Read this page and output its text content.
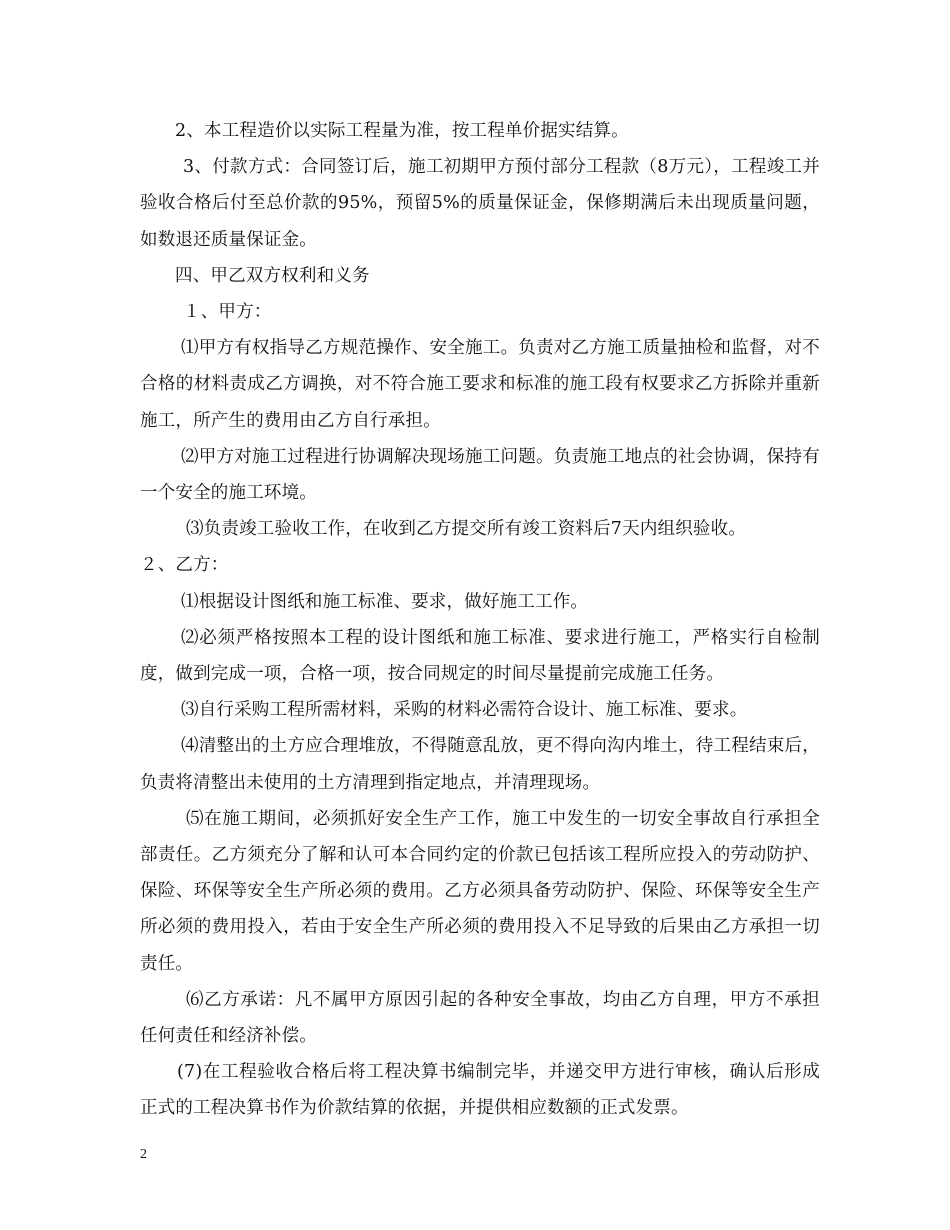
2、本工程造价以实际工程量为准，按工程单价据实结算。

3、付款方式：合同签订后，施工初期甲方预付部分工程款（8万元），工程竣工并验收合格后付至总价款的95%，预留5%的质量保证金，保修期满后未出现质量问题，如数退还质量保证金。

四、甲乙双方权利和义务

１、甲方：

⑴甲方有权指导乙方规范操作、安全施工。负责对乙方施工质量抽检和监督，对不合格的材料责成乙方调换，对不符合施工要求和标准的施工段有权要求乙方拆除并重新施工，所产生的费用由乙方自行承担。

⑵甲方对施工过程进行协调解决现场施工问题。负责施工地点的社会协调，保持有一个安全的施工环境。

⑶负责竣工验收工作，在收到乙方提交所有竣工资料后7天内组织验收。

２、乙方：

⑴根据设计图纸和施工标准、要求，做好施工工作。

⑵必须严格按照本工程的设计图纸和施工标准、要求进行施工，严格实行自检制度，做到完成一项，合格一项，按合同规定的时间尽量提前完成施工任务。

⑶自行采购工程所需材料，采购的材料必需符合设计、施工标准、要求。

⑷清整出的土方应合理堆放，不得随意乱放，更不得向沟内堆土，待工程结束后，负责将清整出未使用的土方清理到指定地点，并清理现场。

⑸在施工期间，必须抓好安全生产工作，施工中发生的一切安全事故自行承担全部责任。乙方须充分了解和认可本合同约定的价款已包括该工程所应投入的劳动防护、保险、环保等安全生产所必须的费用。乙方必须具备劳动防护、保险、环保等安全生产所必须的费用投入，若由于安全生产所必须的费用投入不足导致的后果由乙方承担一切责任。

⑹乙方承诺：凡不属甲方原因引起的各种安全事故，均由乙方自理，甲方不承担任何责任和经济补偿。

(7)在工程验收合格后将工程决算书编制完毕，并递交甲方进行审核，确认后形成正式的工程决算书作为价款结算的依据，并提供相应数额的正式发票。

2
